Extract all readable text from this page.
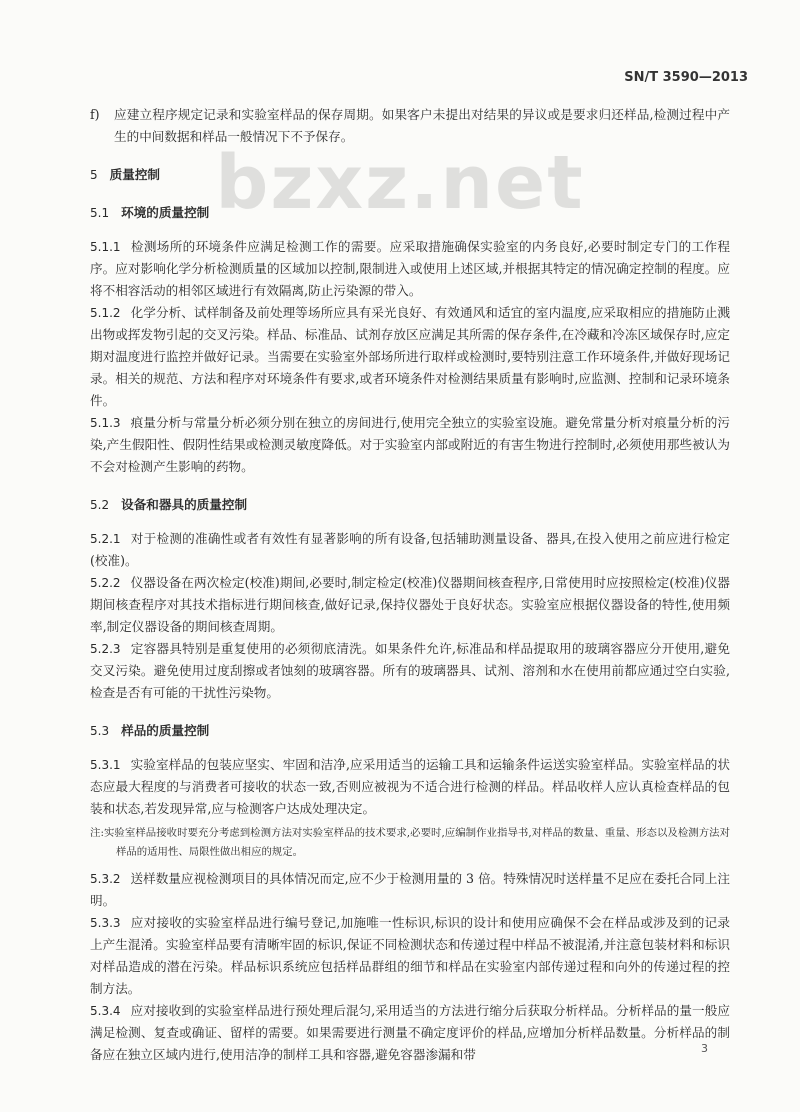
SN/T 3590—2013
bzxz.net
f)	应建立程序规定记录和实验室样品的保存周期。如果客户未提出对结果的异议或是要求归还样品,检测过程中产生的中间数据和样品一般情况下不予保存。
5 质量控制
5.1 环境的质量控制

5.1.1 检测场所的环境条件应满足检测工作的需要。应采取措施确保实验室的内务良好,必要时制定专门的工作程序。应对影响化学分析检测质量的区域加以控制,限制进入或使用上述区域,并根据其特定的情况确定控制的程度。应将不相容活动的相邻区域进行有效隔离,防止污染源的带入。

5.1.2 化学分析、试样制备及前处理等场所应具有采光良好、有效通风和适宜的室内温度,应采取相应的措施防止溅出物或挥发物引起的交叉污染。样品、标准品、试剂存放区应满足其所需的保存条件,在冷藏和冷冻区域保存时,应定期对温度进行监控并做好记录。当需要在实验室外部场所进行取样或检测时,要特别注意工作环境条件,并做好现场记录。相关的规范、方法和程序对环境条件有要求,或者环境条件对检测结果质量有影响时,应监测、控制和记录环境条件。

5.1.3 痕量分析与常量分析必须分别在独立的房间进行,使用完全独立的实验室设施。避免常量分析对痕量分析的污染,产生假阳性、假阴性结果或检测灵敏度降低。对于实验室内部或附近的有害生物进行控制时,必须使用那些被认为不会对检测产生影响的药物。

5.2 设备和器具的质量控制

5.2.1 对于检测的准确性或者有效性有显著影响的所有设备,包括辅助测量设备、器具,在投入使用之前应进行检定(校准)。

5.2.2 仪器设备在两次检定(校准)期间,必要时,制定检定(校准)仪器期间核查程序,日常使用时应按照检定(校准)仪器期间核查程序对其技术指标进行期间核查,做好记录,保持仪器处于良好状态。实验室应根据仪器设备的特性,使用频率,制定仪器设备的期间核查周期。

5.2.3 定容器具特别是重复使用的必须彻底清洗。如果条件允许,标准品和样品提取用的玻璃容器应分开使用,避免交叉污染。避免使用过度刮擦或者蚀刻的玻璃容器。所有的玻璃器具、试剂、溶剂和水在使用前都应通过空白实验,检查是否有可能的干扰性污染物。

5.3 样品的质量控制

5.3.1 实验室样品的包装应坚实、牢固和洁净,应采用适当的运输工具和运输条件运送实验室样品。实验室样品的状态应最大程度的与消费者可接收的状态一致,否则应被视为不适合进行检测的样品。样品收样人应认真检查样品的包装和状态,若发现异常,应与检测客户达成处理决定。

注:实验室样品接收时要充分考虑到检测方法对实验室样品的技术要求,必要时,应编制作业指导书,对样品的数量、重量、形态以及检测方法对样品的适用性、局限性做出相应的规定。

5.3.2 送样数量应视检测项目的具体情况而定,应不少于检测用量的 3 倍。特殊情况时送样量不足应在委托合同上注明。

5.3.3 应对接收的实验室样品进行编号登记,加施唯一性标识,标识的设计和使用应确保不会在样品或涉及到的记录上产生混淆。实验室样品要有清晰牢固的标识,保证不同检测状态和传递过程中样品不被混淆,并注意包装材料和标识对样品造成的潜在污染。样品标识系统应包括样品群组的细节和样品在实验室内部传递过程和向外的传递过程的控制方法。

5.3.4 应对接收到的实验室样品进行预处理后混匀,采用适当的方法进行缩分后获取分析样品。分析样品的量一般应满足检测、复查或确证、留样的需要。如果需要进行测量不确定度评价的样品,应增加分析样品数量。分析样品的制备应在独立区域内进行,使用洁净的制样工具和容器,避免容器渗漏和带	3
